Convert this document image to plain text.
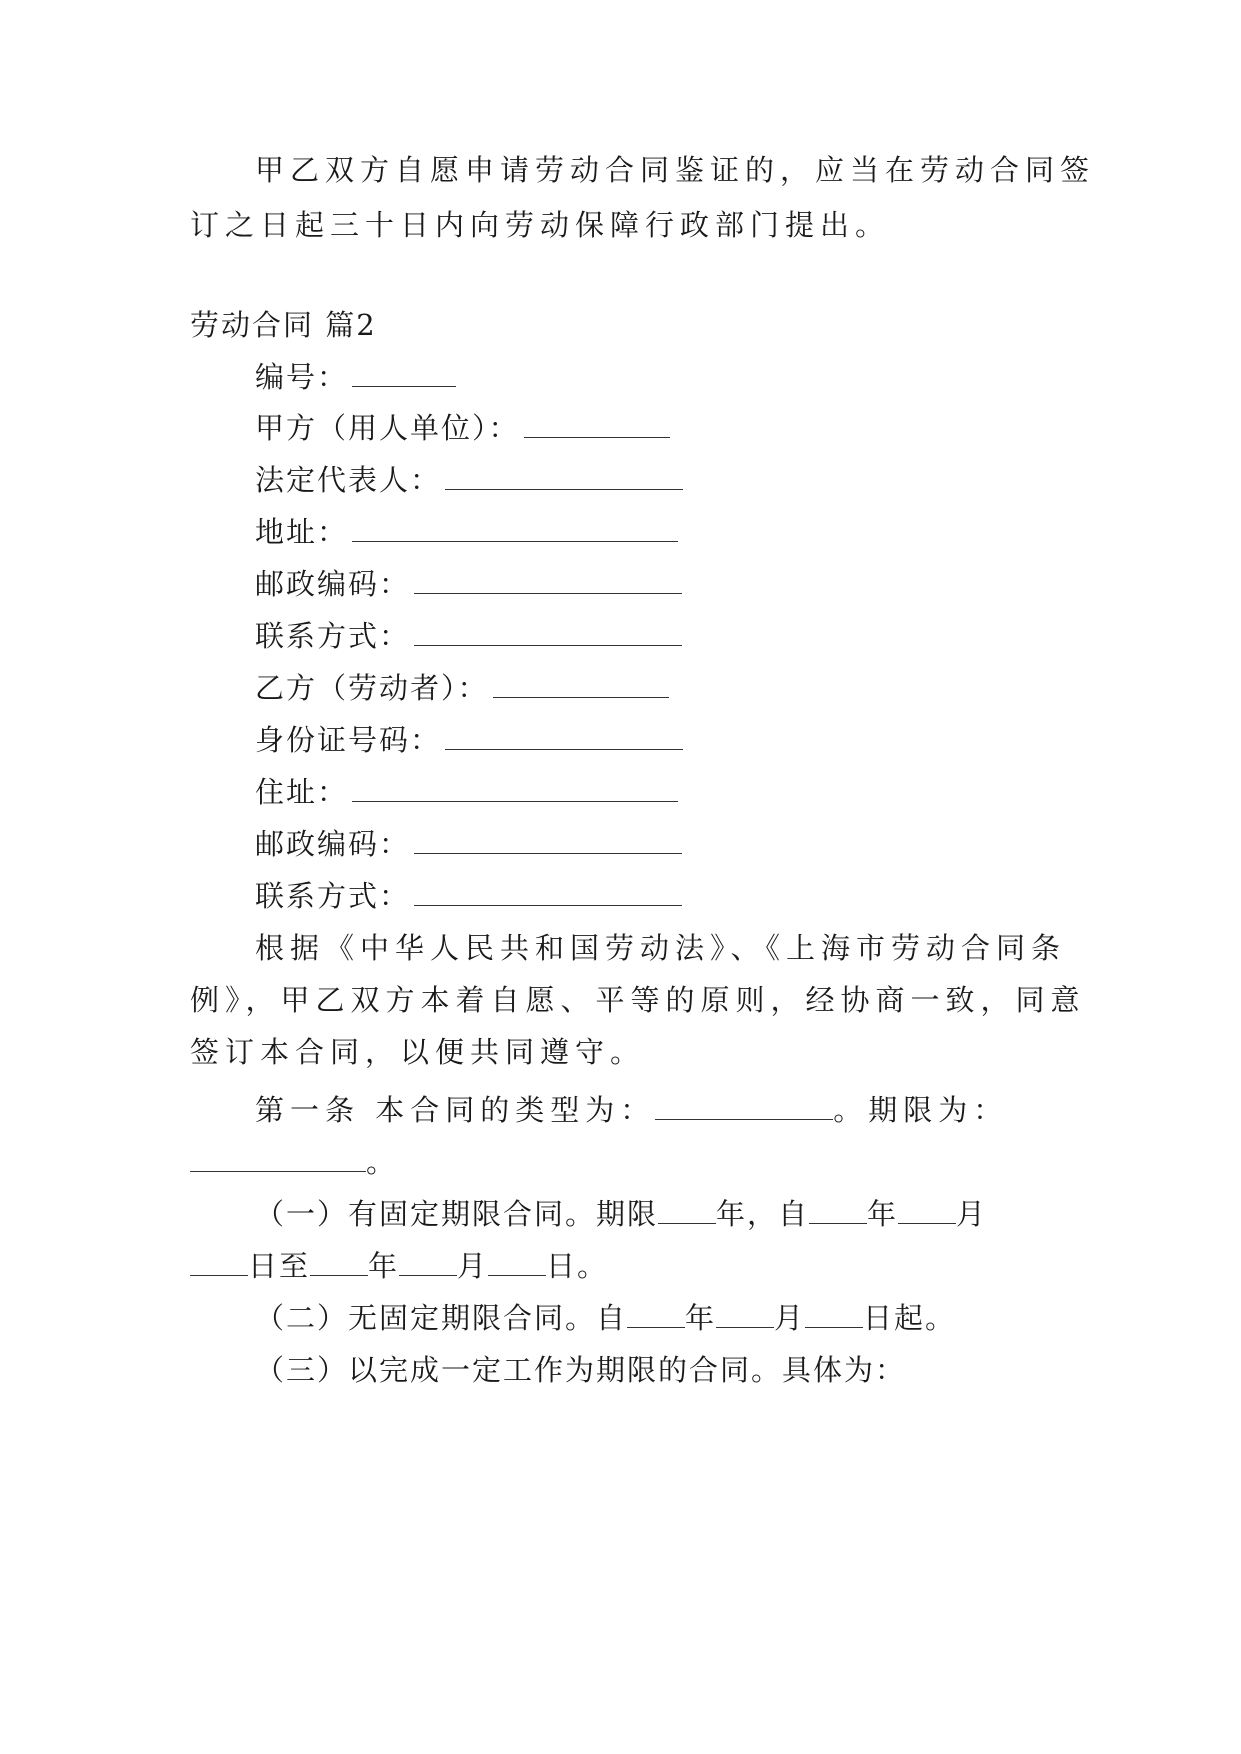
甲乙双方自愿申请劳动合同鉴证的，应当在劳动合同签
订之日起三十日内向劳动保障行政部门提出。
劳动合同 篇2
编号：
甲方（用人单位）：
法定代表人：
地址：
邮政编码：
联系方式：
乙方（劳动者）：
身份证号码：
住址：
邮政编码：
联系方式：
根据《中华人民共和国劳动法》、《上海市劳动合同条
例》，甲乙双方本着自愿、平等的原则，经协商一致，同意
签订本合同，以便共同遵守。
第一条 本合同的类型为：	。期限为：
。
（一）有固定期限合同。期限 年，自 年 月
日至 年 月 日。
（二）无固定期限合同。自 年 月 日起。
（三）以完成一定工作为期限的合同。具体为：
